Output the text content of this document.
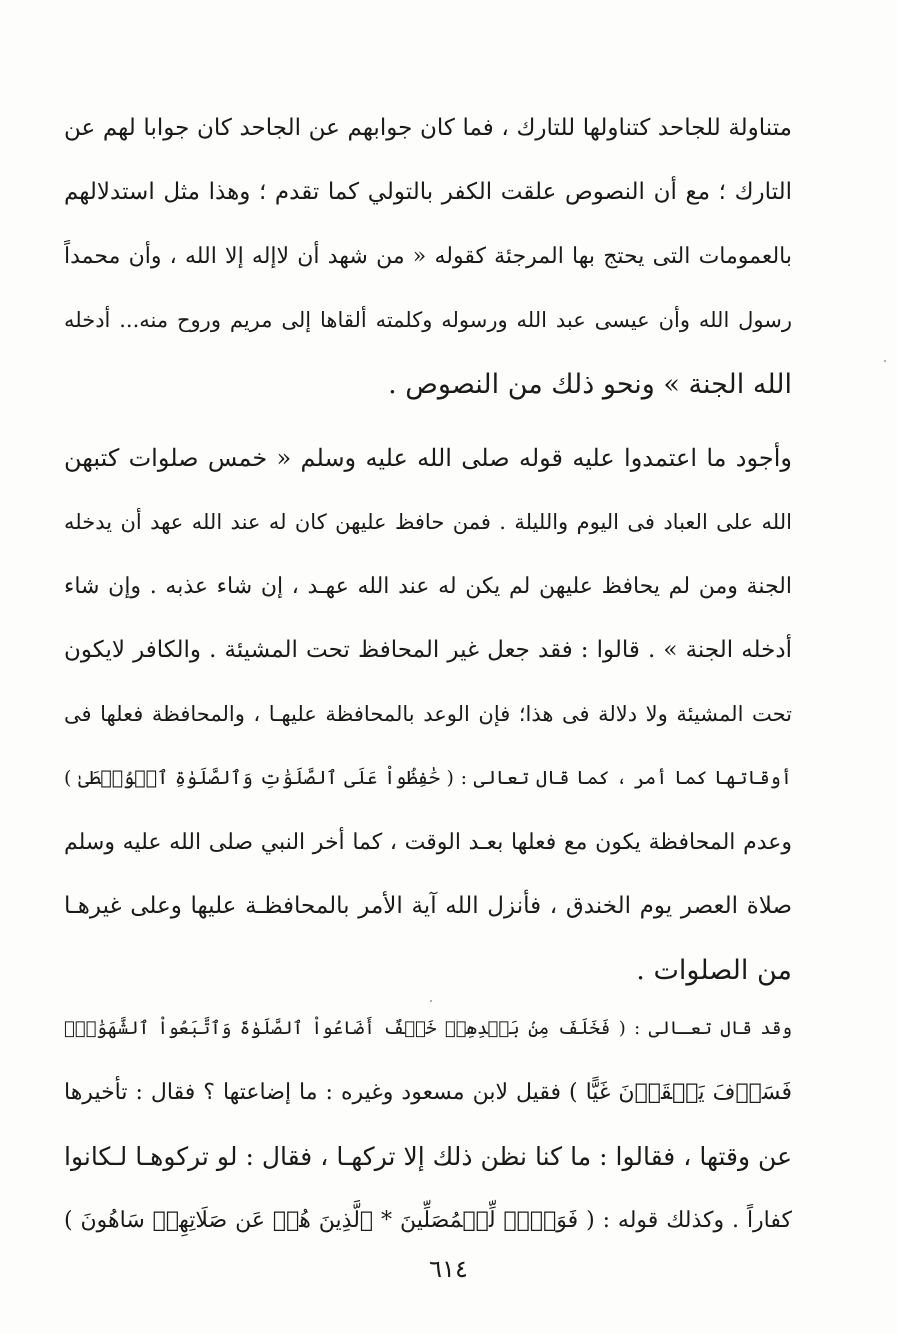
متناولة للجاحد كتناولها للتارك ، فما كان جوابهم عن الجاحد كان جوابا لهم عن
التارك ؛ مع أن النصوص علقت الكفر بالتولي كما تقدم ؛ وهذا مثل استدلالهم
بالعمومات التى يحتج بها المرجئة كقوله « من شهد أن لاإله إلا الله ، وأن محمداً
رسول الله وأن عيسى عبد الله ورسوله وكلمته ألقاها إلى مريم وروح منه... أدخله
الله الجنة » ونحو ذلك من النصوص .
وأجود ما اعتمدوا عليه قوله صلى الله عليه وسلم « خمس صلوات كتبهن
الله على العباد فى اليوم والليلة . فمن حافظ عليهن كان له عند الله عهد أن يدخله
الجنة ومن لم يحافظ عليهن لم يكن له عند الله عهـد ، إن شاء عذبه . وإن شاء
أدخله الجنة » . قالوا : فقد جعل غير المحافظ تحت المشيئة . والكافر لايكون
تحت المشيئة ولا دلالة فى هذا؛ فإن الوعد بالمحافظة عليهـا ، والمحافظة فعلها فى
أوقاتها كما أمر ، كما قال تعالى : ( حَٰفِظُواْ عَلَى ٱلصَّلَوَٰتِ وَٱلصَّلَوٰةِ ٱلۡوُسۡطَىٰ )
وعدم المحافظة يكون مع فعلها بعـد الوقت ، كما أخر النبي صلى الله عليه وسلم
صلاة العصر يوم الخندق ، فأنزل الله آية الأمر بالمحافظـة عليها وعلى غيرهـا
من الصلوات .
وقد قال تعـالى : ( فَخَلَفَ مِنۢ بَعۡدِهِمۡ خَلۡفٌ أَضَاعُواْ ٱلصَّلَوٰةَ وَٱتَّبَعُواْ ٱلشَّهَوَٰتِۖ
فَسَوۡفَ يَلۡقَوۡنَ غَيًّا ) فقيل لابن مسعود وغيره : ما إضاعتها ؟ فقال : تأخيرها
عن وقتها ، فقالوا : ما كنا نظن ذلك إلا تركهـا ، فقال : لو تركوهـا لـكانوا
كفاراً . وكذلك قوله : ( فَوَيۡلٞ لِّلۡمُصَلِّينَ * ٱلَّذِينَ هُمۡ عَن صَلَاتِهِمۡ سَاهُونَ )
٦١٤
